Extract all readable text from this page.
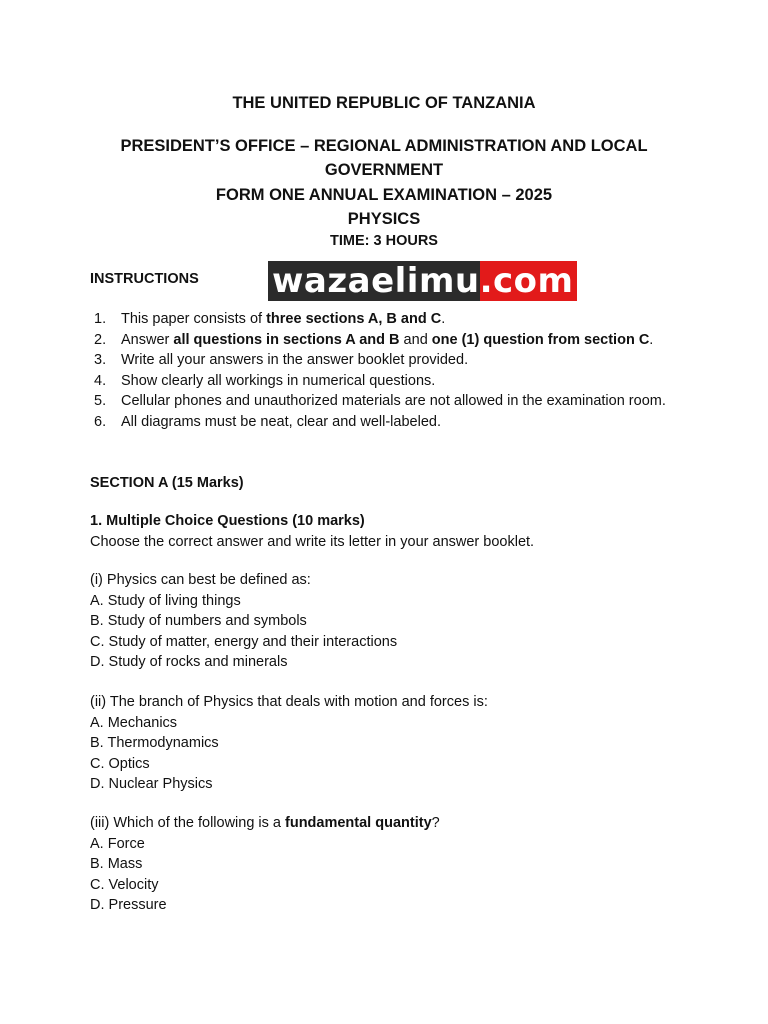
THE UNITED REPUBLIC OF TANZANIA
PRESIDENT’S OFFICE – REGIONAL ADMINISTRATION AND LOCAL
GOVERNMENT
FORM ONE ANNUAL EXAMINATION – 2025
PHYSICS
TIME: 3 HOURS
INSTRUCTIONS wazaelimu .com
1.	This paper consists of three sections A, B and C.
2.	Answer all questions in sections A and B and one (1) question from section C.
3.	Write all your answers in the answer booklet provided.
4.	Show clearly all workings in numerical questions.
5.	Cellular phones and unauthorized materials are not allowed in the examination room.
6.	All diagrams must be neat, clear and well-labeled.
SECTION A (15 Marks)
1. Multiple Choice Questions (10 marks)
Choose the correct answer and write its letter in your answer booklet.
(i) Physics can best be defined as:
A. Study of living things
B. Study of numbers and symbols
C. Study of matter, energy and their interactions
D. Study of rocks and minerals
(ii) The branch of Physics that deals with motion and forces is:
A. Mechanics
B. Thermodynamics
C. Optics
D. Nuclear Physics
(iii) Which of the following is a fundamental quantity?
A. Force
B. Mass
C. Velocity
D. Pressure
